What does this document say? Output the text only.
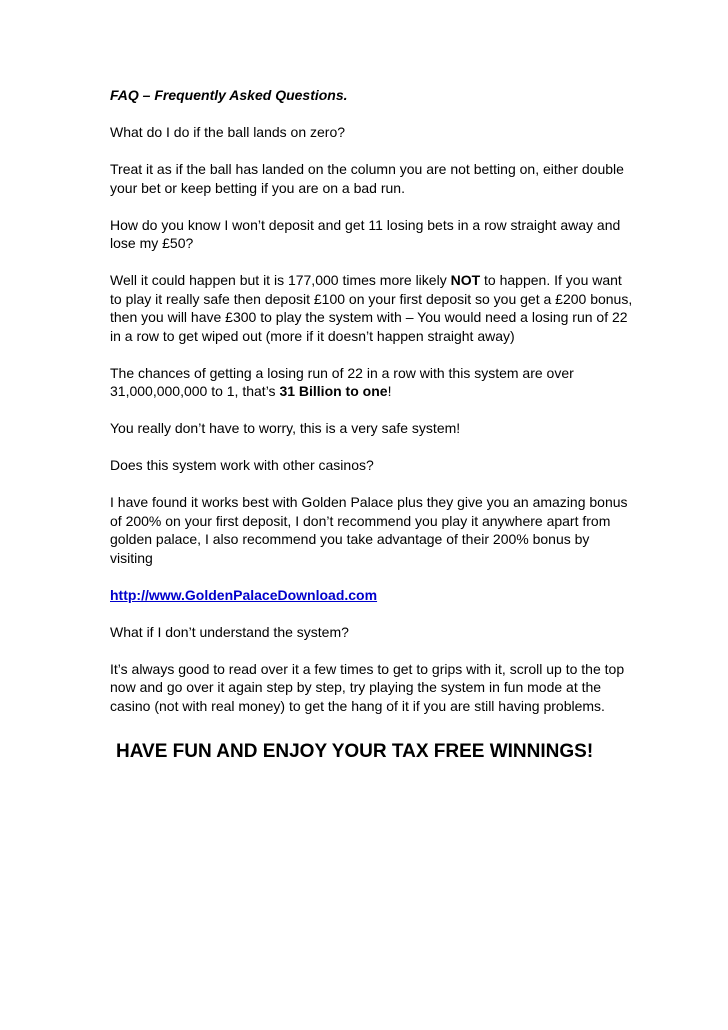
FAQ – Frequently Asked Questions.

What do I do if the ball lands on zero?

Treat it as if the ball has landed on the column you are not betting on, either double your bet or keep betting if you are on a bad run.

How do you know I won’t deposit and get 11 losing bets in a row straight away and lose my £50?

Well it could happen but it is 177,000 times more likely NOT to happen. If you want to play it really safe then deposit £100 on your first deposit so you get a £200 bonus, then you will have £300 to play the system with – You would need a losing run of 22 in a row to get wiped out (more if it doesn’t happen straight away)

The chances of getting a losing run of 22 in a row with this system are over 31,000,000,000 to 1, that’s 31 Billion to one!

You really don’t have to worry, this is a very safe system!

Does this system work with other casinos?

I have found it works best with Golden Palace plus they give you an amazing bonus of 200% on your first deposit, I don’t recommend you play it anywhere apart from golden palace, I also recommend you take advantage of their 200% bonus by visiting

http://www.GoldenPalaceDownload.com

What if I don’t understand the system?

It’s always good to read over it a few times to get to grips with it, scroll up to the top now and go over it again step by step, try playing the system in fun mode at the casino (not with real money) to get the hang of it if you are still having problems.

HAVE FUN AND ENJOY YOUR TAX FREE WINNINGS!
